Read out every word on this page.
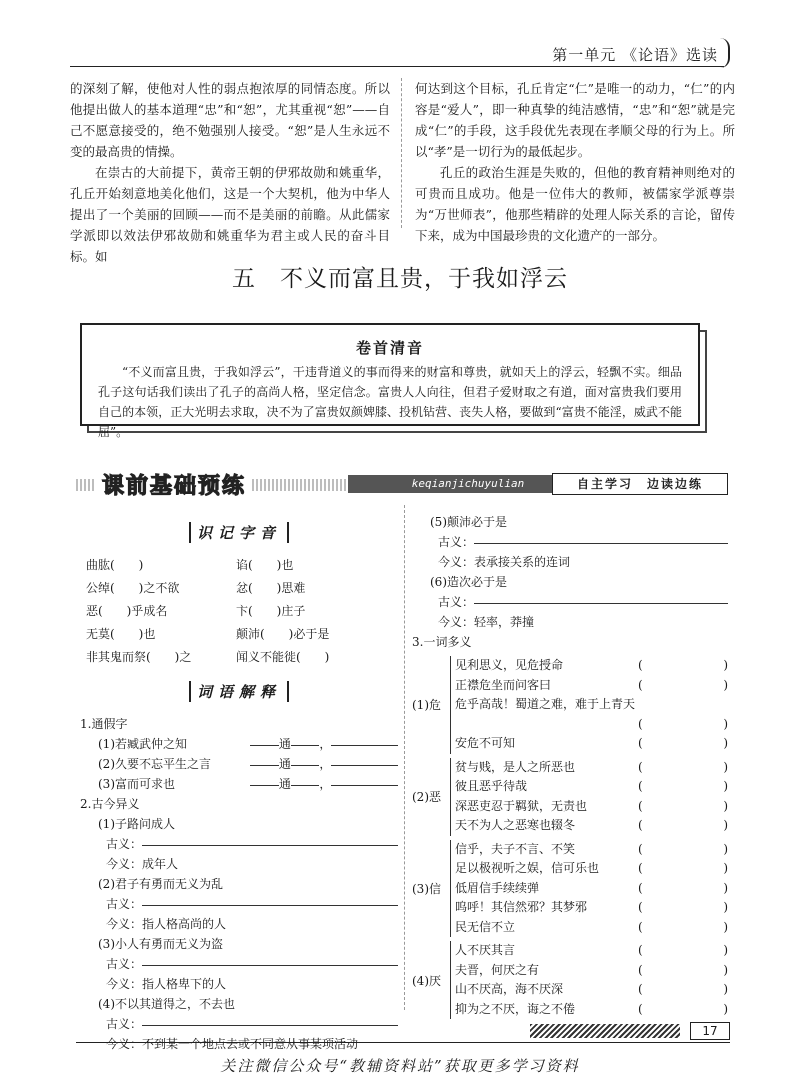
第一单元 《论语》选读

的深刻了解，使他对人性的弱点抱浓厚的同情态度。所以他提出做人的基本道理“忠”和“恕”，尤其重视“恕”——自己不愿意接受的，绝不勉强别人接受。“恕”是人生永远不变的最高贵的情操。

在崇古的大前提下，黄帝王朝的伊邪故勋和姚重华，孔丘开始刻意地美化他们，这是一个大契机，他为中华人提出了一个美丽的回顾——而不是美丽的前瞻。从此儒家学派即以效法伊邪故勋和姚重华为君主或人民的奋斗目标。如

何达到这个目标，孔丘肯定“仁”是唯一的动力，“仁”的内容是“爱人”，即一种真挚的纯洁感情，“忠”和“恕”就是完成“仁”的手段，这手段优先表现在孝顺父母的行为上。所以“孝”是一切行为的最低起步。

孔丘的政治生涯是失败的，但他的教育精神则绝对的可贵而且成功。他是一位伟大的教师，被儒家学派尊崇为“万世师表”，他那些精辟的处理人际关系的言论，留传下来，成为中国最珍贵的文化遗产的一部分。

五　不义而富且贵，于我如浮云
卷首清音
“不义而富且贵，于我如浮云”，干违背道义的事而得来的财富和尊贵，就如天上的浮云，轻飘不实。细品孔子这句话我们读出了孔子的高尚人格，坚定信念。富贵人人向往，但君子爱财取之有道，面对富贵我们要用自己的本领，正大光明去求取，决不为了富贵奴颜婢膝、投机钻营、丧失人格，要做到“富贵不能淫，威武不能屈”。
课前基础预练	keqianjichuyulian	自主学习　边读边练
识记字音
曲肱(　　)	谄(　　)也
公绰(　　)之不欲	忿(　　)思难
恶(　　)乎成名	卞(　　)庄子
无莫(　　)也	颠沛(　　)必于是
非其鬼而祭(　　)之	闻义不能徙(　　)
词语解释
1.通假字
(1)若臧武仲之知	通 ，
(2)久要不忘平生之言	通 ，
(3)富而可求也	通 ，
2.古今异义
(1)子路问成人
古义：
今义：成年人
(2)君子有勇而无义为乱
古义：
今义：指人格高尚的人
(3)小人有勇而无义为盗
古义：
今义：指人格卑下的人
(4)不以其道得之，不去也
古义：
今义：不到某一个地点去或不同意从事某项活动
(5)颠沛必于是
古义：
今义：表承接关系的连词
(6)造次必于是
古义：
今义：轻率，莽撞
3.一词多义
(1)危
见利思义，见危授命	(	)
正襟危坐而问客曰	(	)
危乎高哉！蜀道之难，难于上青天
(	)
安危不可知	(	)
(2)恶
贫与贱，是人之所恶也	(	)
彼且恶乎待哉	(	)
深恶吏忍于羁狱，无责也	(	)
天不为人之恶寒也辍冬	(	)
(3)信
信乎，夫子不言、不笑	(	)
足以极视听之娱，信可乐也	(	)
低眉信手续续弹	(	)
呜呼！其信然邪？其梦邪	(	)
民无信不立	(	)
(4)厌
人不厌其言	(	)
夫晋，何厌之有	(	)
山不厌高，海不厌深	(	)
抑为之不厌，诲之不倦	(	)
17
关注微信公众号“教辅资料站”获取更多学习资料
